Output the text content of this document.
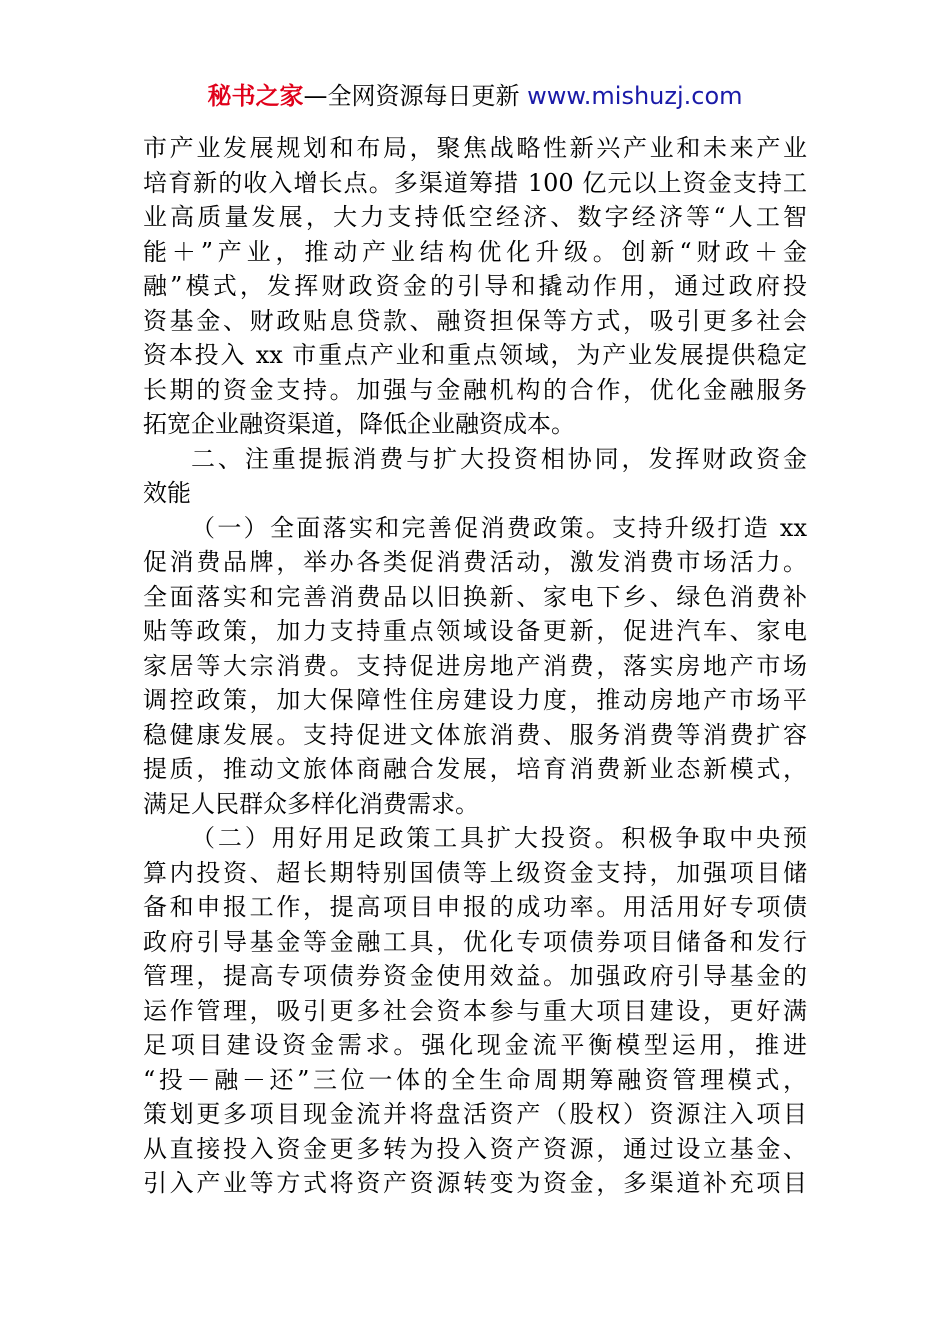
秘书之家—全网资源每日更新 www.mishuzj.com
市产业发展规划和布局，聚焦战略性新兴产业和未来产业
培育新的收入增长点。多渠道筹措 100 亿元以上资金支持工
业高质量发展，大力支持低空经济、数字经济等“人工智
能＋”产业，推动产业结构优化升级。创新“财政＋金
融”模式，发挥财政资金的引导和撬动作用，通过政府投
资基金、财政贴息贷款、融资担保等方式，吸引更多社会
资本投入 xx 市重点产业和重点领域，为产业发展提供稳定
长期的资金支持。加强与金融机构的合作，优化金融服务
拓宽企业融资渠道，降低企业融资成本。
二、注重提振消费与扩大投资相协同，发挥财政资金
效能
（一）全面落实和完善促消费政策。支持升级打造 xx
促消费品牌，举办各类促消费活动，激发消费市场活力。
全面落实和完善消费品以旧换新、家电下乡、绿色消费补
贴等政策，加力支持重点领域设备更新，促进汽车、家电
家居等大宗消费。支持促进房地产消费，落实房地产市场
调控政策，加大保障性住房建设力度，推动房地产市场平
稳健康发展。支持促进文体旅消费、服务消费等消费扩容
提质，推动文旅体商融合发展，培育消费新业态新模式，
满足人民群众多样化消费需求。
（二）用好用足政策工具扩大投资。积极争取中央预
算内投资、超长期特别国债等上级资金支持，加强项目储
备和申报工作，提高项目申报的成功率。用活用好专项债
政府引导基金等金融工具，优化专项债券项目储备和发行
管理，提高专项债券资金使用效益。加强政府引导基金的
运作管理，吸引更多社会资本参与重大项目建设，更好满
足项目建设资金需求。强化现金流平衡模型运用，推进
“投－融－还”三位一体的全生命周期筹融资管理模式，
策划更多项目现金流并将盘活资产（股权）资源注入项目
从直接投入资金更多转为投入资产资源，通过设立基金、
引入产业等方式将资产资源转变为资金，多渠道补充项目
